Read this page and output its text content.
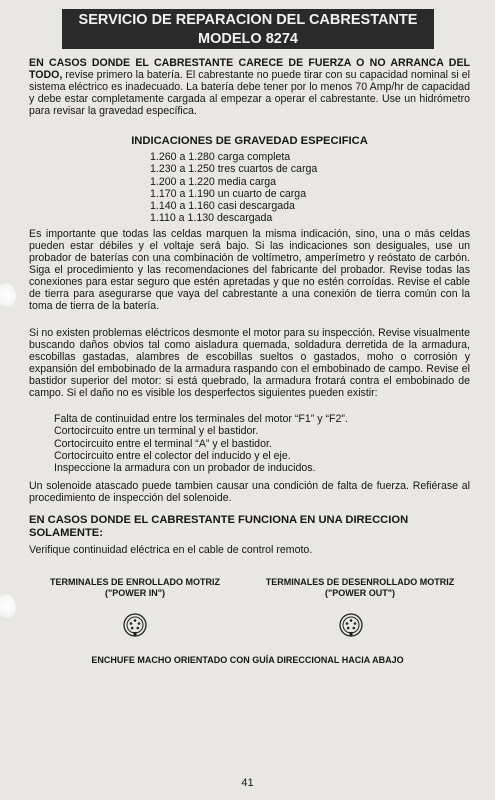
SERVICIO DE REPARACION DEL CABRESTANTE
MODELO 8274
EN CASOS DONDE EL CABRESTANTE CARECE DE FUERZA O NO ARRANCA DEL TODO, revise primero la batería. El cabrestante no puede tirar con su capacidad nominal si el sistema eléctrico es inadecuado. La batería debe tener por lo menos 70 Amp/hr de capacidad y debe estar completamente cargada al empezar a operar el cabrestante. Use un hidrómetro para revisar la gravedad específica.
INDICACIONES DE GRAVEDAD ESPECIFICA
1.260 a 1.280 carga completa
1.230 a 1.250 tres cuartos de carga
1.200 a 1.220 media carga
1.170 a 1.190 un cuarto de carga
1.140 a 1.160 casi descargada
1.110 a 1.130 descargada
Es importante que todas las celdas marquen la misma indicación, sino, una o más celdas pueden estar débiles y el voltaje será bajo. Si las indicaciones son desiguales, use un probador de baterías con una combinación de voltímetro, amperímetro y reóstato de carbón. Siga el procedimiento y las recomendaciones del fabricante del probador. Revise todas las conexiones para estar seguro que estén apretadas y que no estén corroídas. Revise el cable de tierra para asegurarse que vaya del cabrestante a una conexión de tierra común con la toma de tierra de la batería.
Si no existen problemas eléctricos desmonte el motor para su inspección. Revise visualmente buscando daños obvios tal como aisladura quemada, soldadura derretida de la armadura, escobillas gastadas, alambres de escobillas sueltos o gastados, moho o corrosión y expansión del embobinado de la armadura raspando con el embobinado de campo. Revise el bastidor superior del motor: si está quebrado, la armadura frotará contra el embobinado de campo. Si el daño no es visible los desperfectos siguientes pueden existir:
Falta de continuidad entre los terminales del motor “F1” y “F2”.
Cortocircuito entre un terminal y el bastidor.
Cortocircuito entre el terminal “A” y el bastidor.
Cortocircuito entre el colector del inducido y el eje.
Inspeccione la armadura con un probador de inducidos.
Un solenoide atascado puede tambien causar una condición de falta de fuerza. Refiérase al procedimiento de inspección del solenoide.
EN CASOS DONDE EL CABRESTANTE FUNCIONA EN UNA DIRECCION SOLAMENTE:
Verifique continuidad eléctrica en el cable de control remoto.
TERMINALES DE ENROLLADO MOTRIZ
("POWER IN")
TERMINALES DE DESENROLLADO MOTRIZ
("POWER OUT")
ENCHUFE MACHO ORIENTADO CON GUÍA DIRECCIONAL HACIA ABAJO
41
